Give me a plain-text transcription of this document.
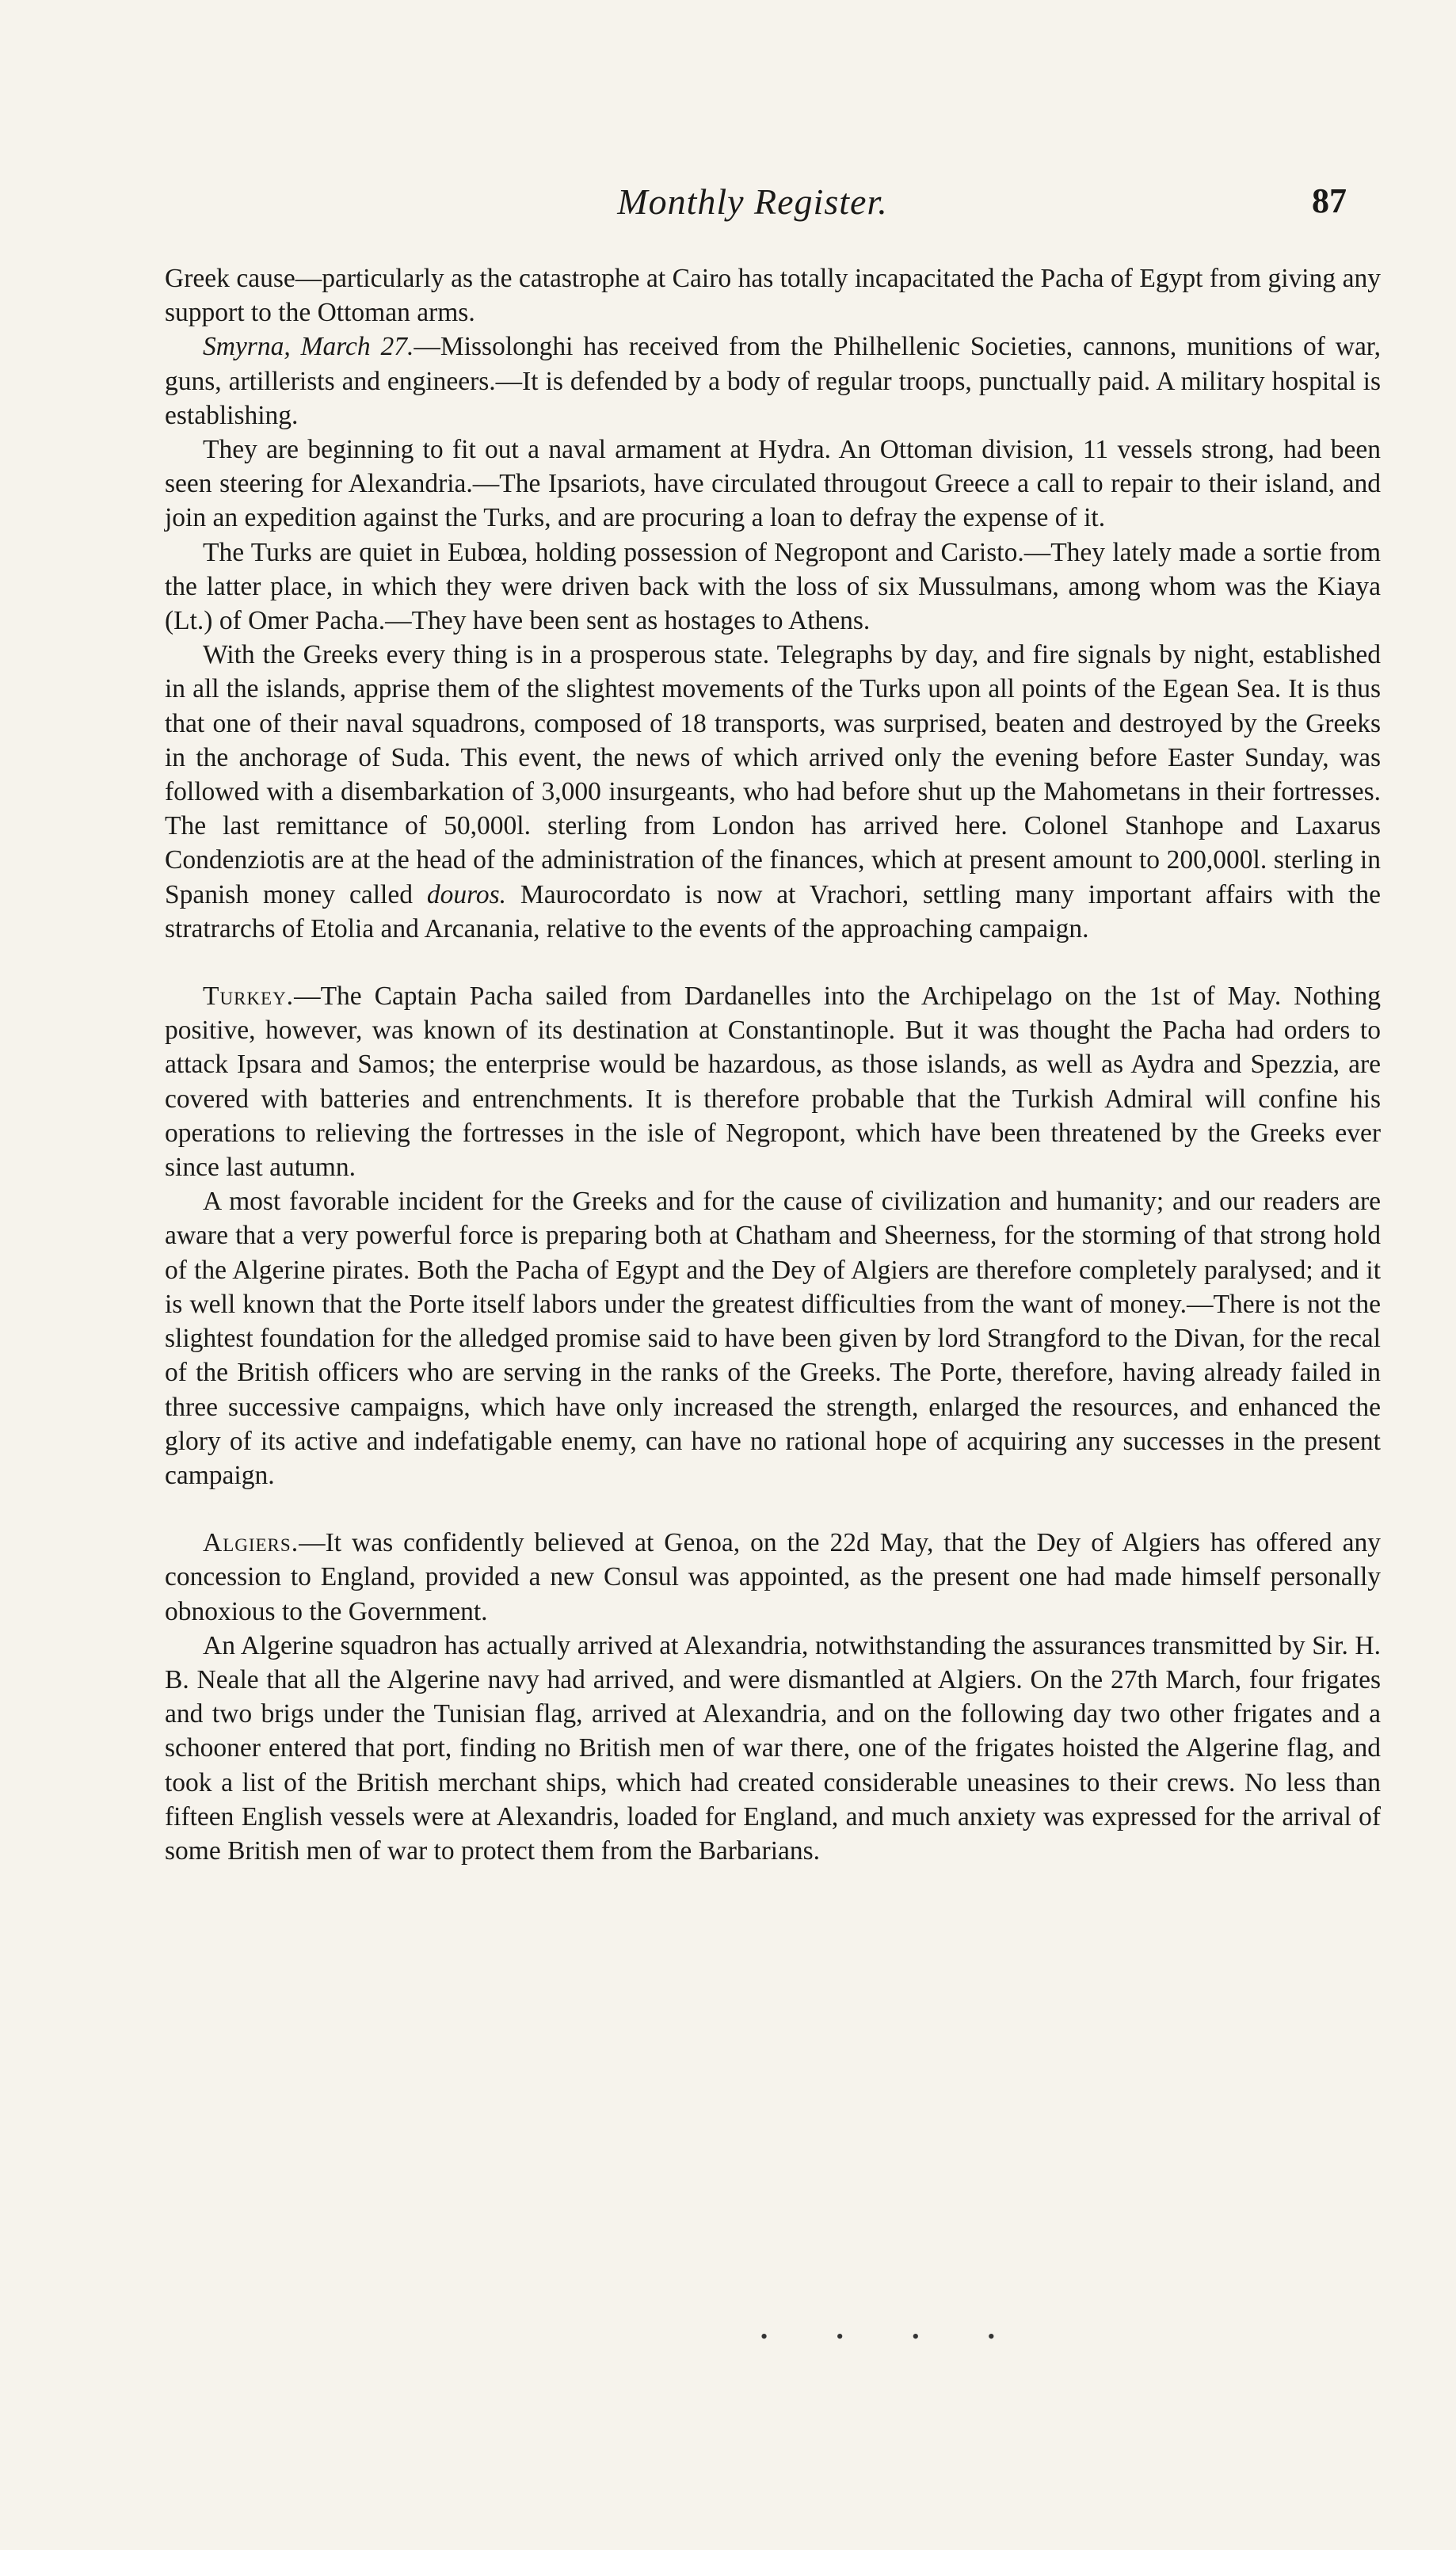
Monthly Register.	87

Greek cause—particularly as the catastrophe at Cairo has totally incapacitated the Pacha of Egypt from giving any support to the Ottoman arms.

Smyrna, March 27.—Missolonghi has received from the Philhellenic Societies, cannons, munitions of war, guns, artillerists and engineers.—It is defended by a body of regular troops, punctually paid. A military hospital is establishing.

They are beginning to fit out a naval armament at Hydra. An Ottoman division, 11 vessels strong, had been seen steering for Alexandria.—The Ipsariots, have circulated througout Greece a call to repair to their island, and join an expedition against the Turks, and are procuring a loan to defray the expense of it.

The Turks are quiet in Eubœa, holding possession of Negropont and Caristo.—They lately made a sortie from the latter place, in which they were driven back with the loss of six Mussulmans, among whom was the Kiaya (Lt.) of Omer Pacha.—They have been sent as hostages to Athens.

With the Greeks every thing is in a prosperous state. Telegraphs by day, and fire signals by night, established in all the islands, apprise them of the slightest movements of the Turks upon all points of the Egean Sea. It is thus that one of their naval squadrons, composed of 18 transports, was surprised, beaten and destroyed by the Greeks in the anchorage of Suda. This event, the news of which arrived only the evening before Easter Sunday, was followed with a disembarkation of 3,000 insurgeants, who had before shut up the Mahometans in their fortresses. The last remittance of 50,000l. sterling from London has arrived here. Colonel Stanhope and Laxarus Condenziotis are at the head of the administration of the finances, which at present amount to 200,000l. sterling in Spanish money called douros. Maurocordato is now at Vrachori, settling many important affairs with the stratrarchs of Etolia and Arcanania, relative to the events of the approaching campaign.

Turkey.—The Captain Pacha sailed from Dardanelles into the Archipelago on the 1st of May. Nothing positive, however, was known of its destination at Constantinople. But it was thought the Pacha had orders to attack Ipsara and Samos; the enterprise would be hazardous, as those islands, as well as Aydra and Spezzia, are covered with batteries and entrenchments. It is therefore probable that the Turkish Admiral will confine his operations to relieving the fortresses in the isle of Negropont, which have been threatened by the Greeks ever since last autumn.

A most favorable incident for the Greeks and for the cause of civilization and humanity; and our readers are aware that a very powerful force is preparing both at Chatham and Sheerness, for the storming of that strong hold of the Algerine pirates. Both the Pacha of Egypt and the Dey of Algiers are therefore completely paralysed; and it is well known that the Porte itself labors under the greatest difficulties from the want of money.—There is not the slightest foundation for the alledged promise said to have been given by lord Strangford to the Divan, for the recal of the British officers who are serving in the ranks of the Greeks. The Porte, therefore, having already failed in three successive campaigns, which have only increased the strength, enlarged the resources, and enhanced the glory of its active and indefatigable enemy, can have no rational hope of acquiring any successes in the present campaign.

Algiers.—It was confidently believed at Genoa, on the 22d May, that the Dey of Algiers has offered any concession to England, provided a new Consul was appointed, as the present one had made himself personally obnoxious to the Government.

An Algerine squadron has actually arrived at Alexandria, notwithstanding the assurances transmitted by Sir. H. B. Neale that all the Algerine navy had arrived, and were dismantled at Algiers. On the 27th March, four frigates and two brigs under the Tunisian flag, arrived at Alexandria, and on the following day two other frigates and a schooner entered that port, finding no British men of war there, one of the frigates hoisted the Algerine flag, and took a list of the British merchant ships, which had created considerable uneasines to their crews. No less than fifteen English vessels were at Alexandris, loaded for England, and much anxiety was expressed for the arrival of some British men of war to protect them from the Barbarians.

• • • •
